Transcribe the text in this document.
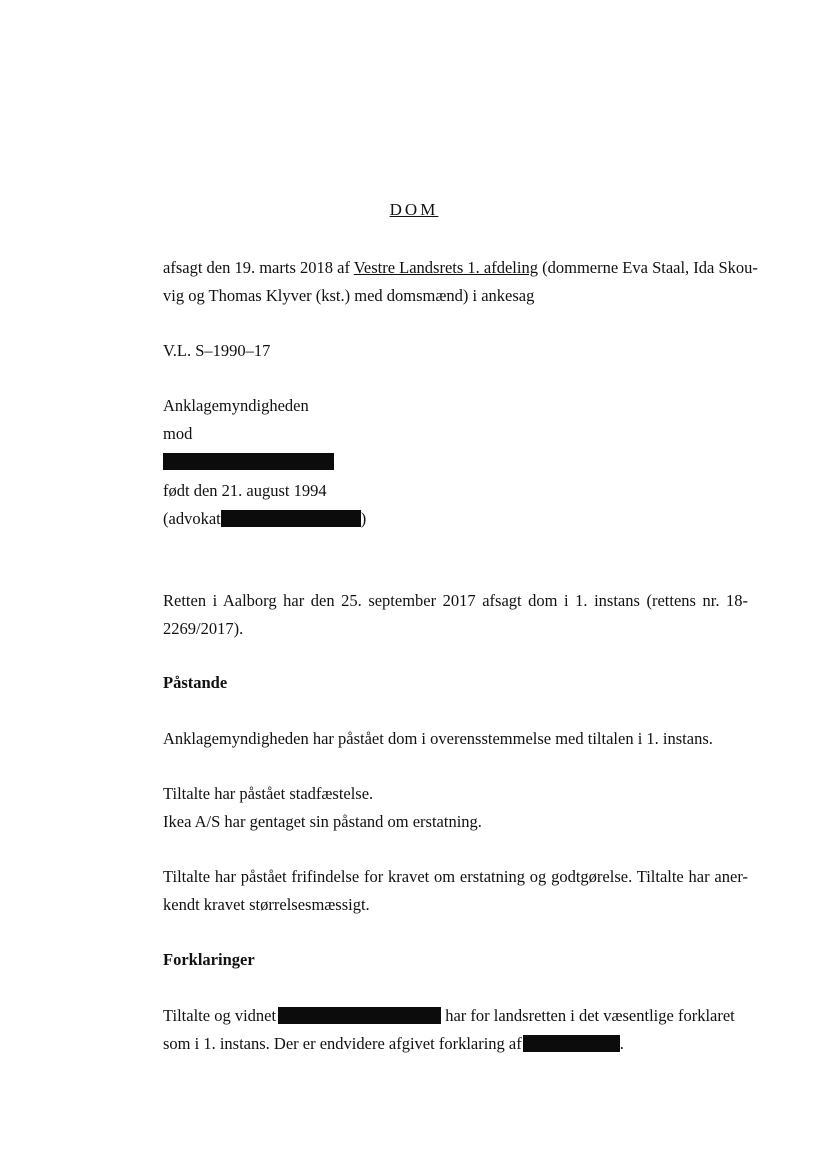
DOM
afsagt den 19. marts 2018 af Vestre Landsrets 1. afdeling (dommerne Eva Staal, Ida Skou-
vig og Thomas Klyver (kst.) med domsmænd) i ankesag
V.L. S–1990–17
Anklagemyndigheden
mod
født den 21. august 1994
(advokat	)
Retten i Aalborg har den 25. september 2017 afsagt dom i 1. instans (rettens nr. 18-
2269/2017).
Påstande
Anklagemyndigheden har påstået dom i overensstemmelse med tiltalen i 1. instans.
Tiltalte har påstået stadfæstelse.
Ikea A/S har gentaget sin påstand om erstatning.
Tiltalte har påstået frifindelse for kravet om erstatning og godtgørelse. Tiltalte har aner-
kendt kravet størrelsesmæssigt.
Forklaringer
Tiltalte og vidnet	har for landsretten i det væsentlige forklaret
som i 1. instans. Der er endvidere afgivet forklaring af	.
